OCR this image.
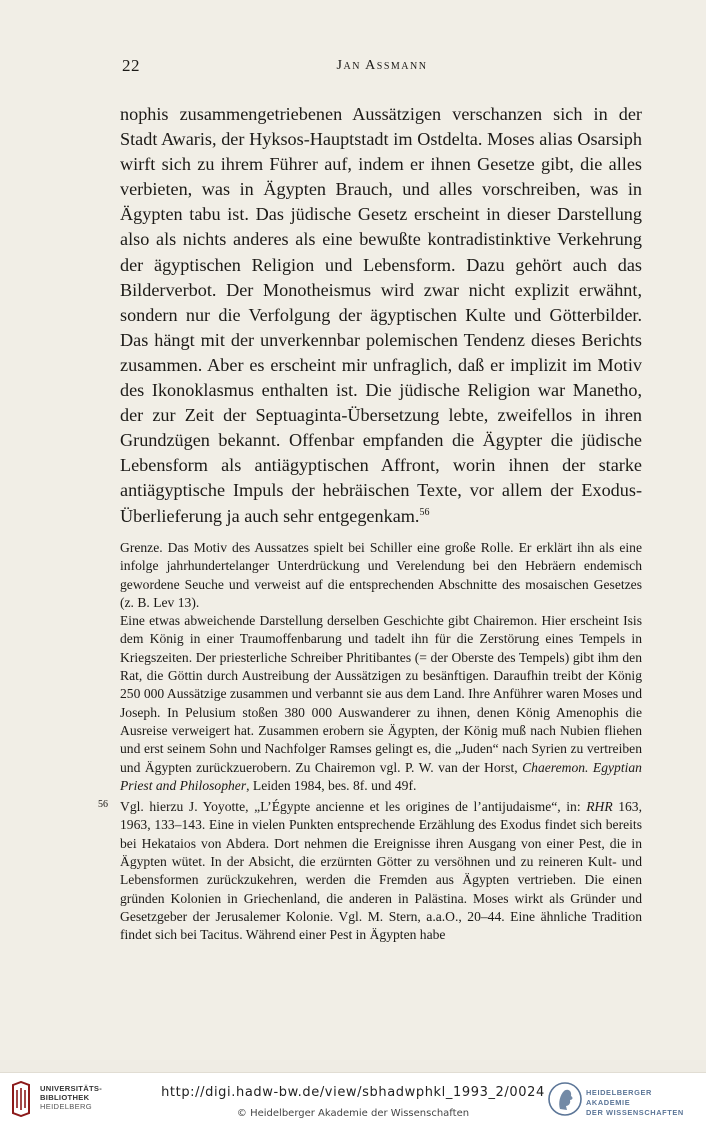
22	Jan Assmann
nophis zusammengetriebenen Aussätzigen verschanzen sich in der Stadt Awaris, der Hyksos-Hauptstadt im Ostdelta. Moses alias Osarsiph wirft sich zu ihrem Führer auf, indem er ihnen Gesetze gibt, die alles verbieten, was in Ägypten Brauch, und alles vorschreiben, was in Ägypten tabu ist. Das jüdische Gesetz erscheint in dieser Darstellung also als nichts anderes als eine bewußte kontradistinktive Verkehrung der ägyptischen Religion und Lebensform. Dazu gehört auch das Bilderverbot. Der Monotheismus wird zwar nicht explizit erwähnt, sondern nur die Verfolgung der ägyptischen Kulte und Götterbilder. Das hängt mit der unverkennbar polemischen Tendenz dieses Berichts zusammen. Aber es erscheint mir unfraglich, daß er implizit im Motiv des Ikonoklasmus enthalten ist. Die jüdische Religion war Manetho, der zur Zeit der Septuaginta-Übersetzung lebte, zweifellos in ihren Grundzügen bekannt. Offenbar empfanden die Ägypter die jüdische Lebensform als antiägyptischen Affront, worin ihnen der starke antiägyptische Impuls der hebräischen Texte, vor allem der Exodus-Überlieferung ja auch sehr entgegenkam.$^{56}$

Grenze. Das Motiv des Aussatzes spielt bei Schiller eine große Rolle. Er erklärt ihn als eine infolge jahrhundertelanger Unterdrückung und Verelendung bei den Hebräern endemisch gewordene Seuche und verweist auf die entsprechenden Abschnitte des mosaischen Gesetzes (z. B. Lev 13).

Eine etwas abweichende Darstellung derselben Geschichte gibt Chairemon. Hier erscheint Isis dem König in einer Traumoffenbarung und tadelt ihn für die Zerstörung eines Tempels in Kriegszeiten. Der priesterliche Schreiber Phritibantes (= der Oberste des Tempels) gibt ihm den Rat, die Göttin durch Austreibung der Aussätzigen zu besänftigen. Daraufhin treibt der König 250 000 Aussätzige zusammen und verbannt sie aus dem Land. Ihre Anführer waren Moses und Joseph. In Pelusium stoßen 380 000 Auswanderer zu ihnen, denen König Amenophis die Ausreise verweigert hat. Zusammen erobern sie Ägypten, der König muß nach Nubien fliehen und erst seinem Sohn und Nachfolger Ramses gelingt es, die „Juden“ nach Syrien zu vertreiben und Ägypten zurückzuerobern. Zu Chairemon vgl. P. W. van der Horst, Chaeremon. Egyptian Priest and Philosopher, Leiden 1984, bes. 8f. und 49f.

56 Vgl. hierzu J. Yoyotte, „L’Égypte ancienne et les origines de l’antijudaisme“, in: RHR 163, 1963, 133–143. Eine in vielen Punkten entsprechende Erzählung des Exodus findet sich bereits bei Hekataios von Abdera. Dort nehmen die Ereignisse ihren Ausgang von einer Pest, die in Ägypten wütet. In der Absicht, die erzürnten Götter zu versöhnen und zu reineren Kult- und Lebensformen zurückzukehren, werden die Fremden aus Ägypten vertrieben. Die einen gründen Kolonien in Griechenland, die anderen in Palästina. Moses wirkt als Gründer und Gesetzgeber der Jerusalemer Kolonie. Vgl. M. Stern, a.a.O., 20–44. Eine ähnliche Tradition findet sich bei Tacitus. Während einer Pest in Ägypten habe
UNIVERSITÄTS-
BIBLIOTHEK
HEIDELBERG
http://digi.hadw-bw.de/view/sbhadwphkl_1993_2/0024
© Heidelberger Akademie der Wissenschaften
HEIDELBERGER AKADEMIE
DER WISSENSCHAFTEN
